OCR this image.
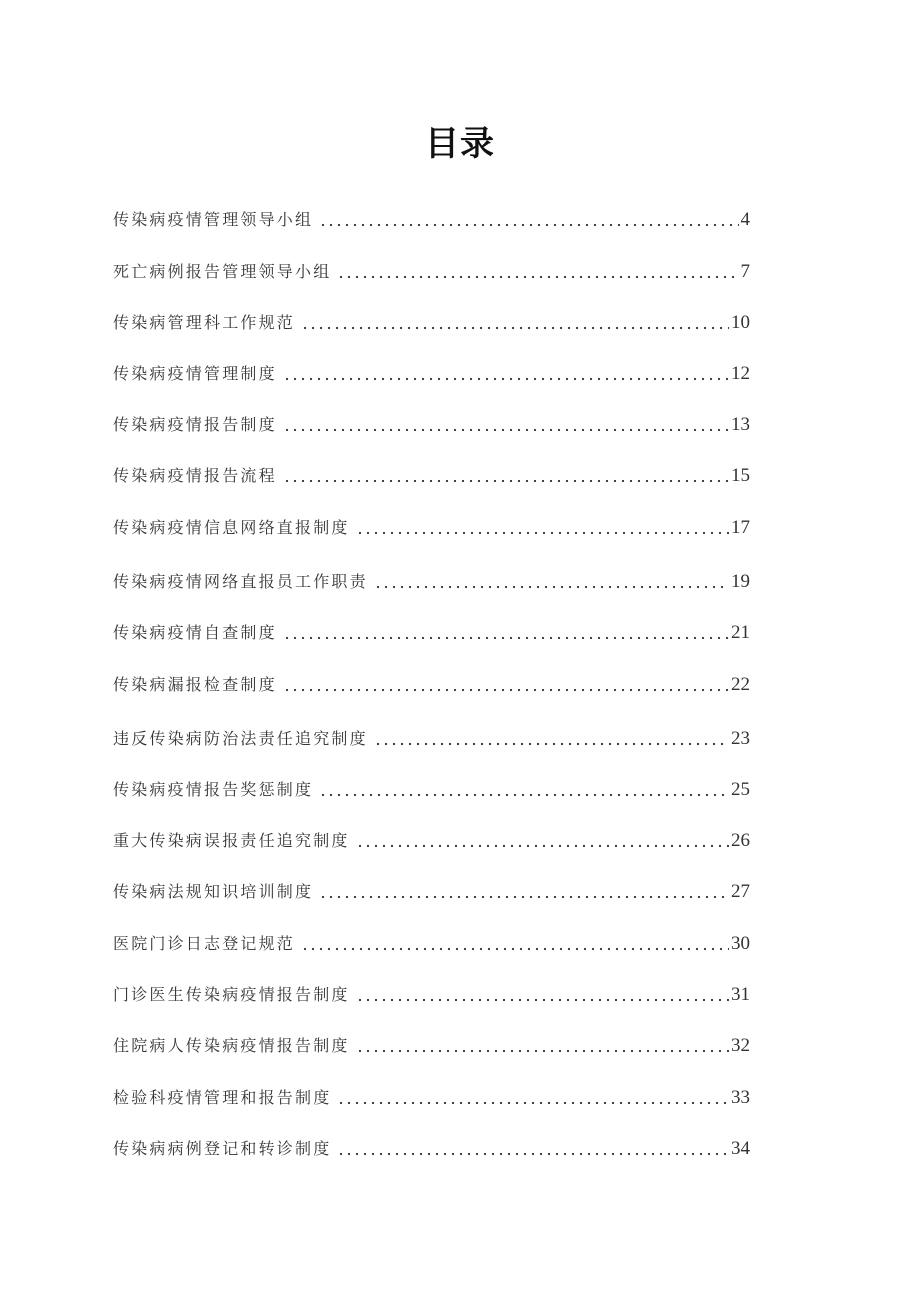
目录
传染病疫情管理领导小组	4
死亡病例报告管理领导小组	7
传染病管理科工作规范	10
传染病疫情管理制度	12
传染病疫情报告制度	13
传染病疫情报告流程	15
传染病疫情信息网络直报制度	17
传染病疫情网络直报员工作职责	19
传染病疫情自查制度	21
传染病漏报检查制度	22
违反传染病防治法责任追究制度	23
传染病疫情报告奖惩制度	25
重大传染病误报责任追究制度	26
传染病法规知识培训制度	27
医院门诊日志登记规范	30
门诊医生传染病疫情报告制度	31
住院病人传染病疫情报告制度	32
检验科疫情管理和报告制度	33
传染病病例登记和转诊制度	34
